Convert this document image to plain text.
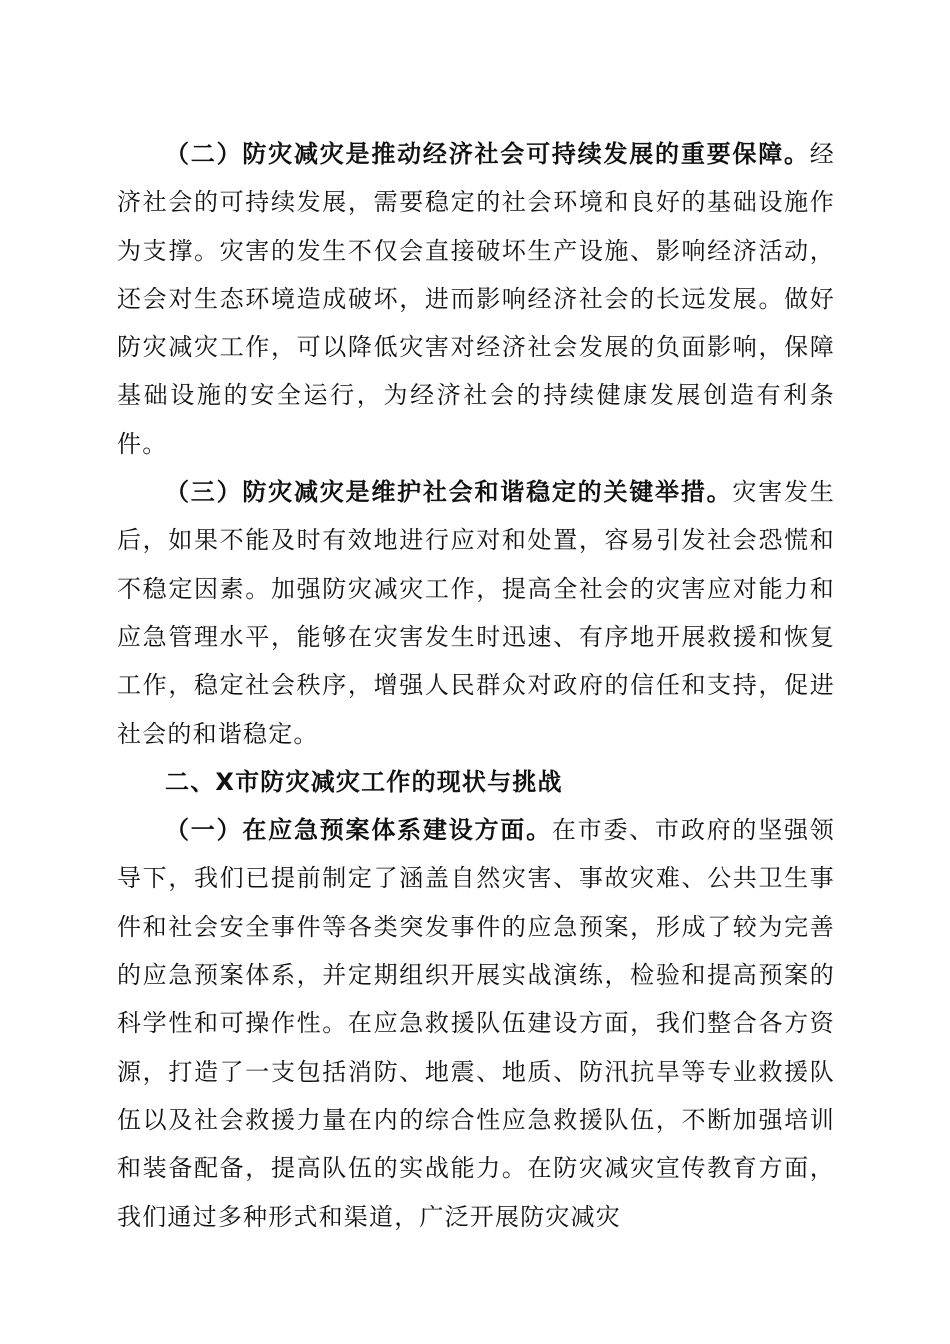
（二）防灾减灾是推动经济社会可持续发展的重要保障。经济社会的可持续发展，需要稳定的社会环境和良好的基础设施作为支撑。灾害的发生不仅会直接破坏生产设施、影响经济活动，还会对生态环境造成破坏，进而影响经济社会的长远发展。做好防灾减灾工作，可以降低灾害对经济社会发展的负面影响，保障基础设施的安全运行，为经济社会的持续健康发展创造有利条件。

（三）防灾减灾是维护社会和谐稳定的关键举措。灾害发生后，如果不能及时有效地进行应对和处置，容易引发社会恐慌和不稳定因素。加强防灾减灾工作，提高全社会的灾害应对能力和应急管理水平，能够在灾害发生时迅速、有序地开展救援和恢复工作，稳定社会秩序，增强人民群众对政府的信任和支持，促进社会的和谐稳定。

二、X市防灾减灾工作的现状与挑战

（一）在应急预案体系建设方面。在市委、市政府的坚强领导下，我们已提前制定了涵盖自然灾害、事故灾难、公共卫生事件和社会安全事件等各类突发事件的应急预案，形成了较为完善的应急预案体系，并定期组织开展实战演练，检验和提高预案的科学性和可操作性。在应急救援队伍建设方面，我们整合各方资源，打造了一支包括消防、地震、地质、防汛抗旱等专业救援队伍以及社会救援力量在内的综合性应急救援队伍，不断加强培训和装备配备，提高队伍的实战能力。在防灾减灾宣传教育方面，我们通过多种形式和渠道，广泛开展防灾减灾
